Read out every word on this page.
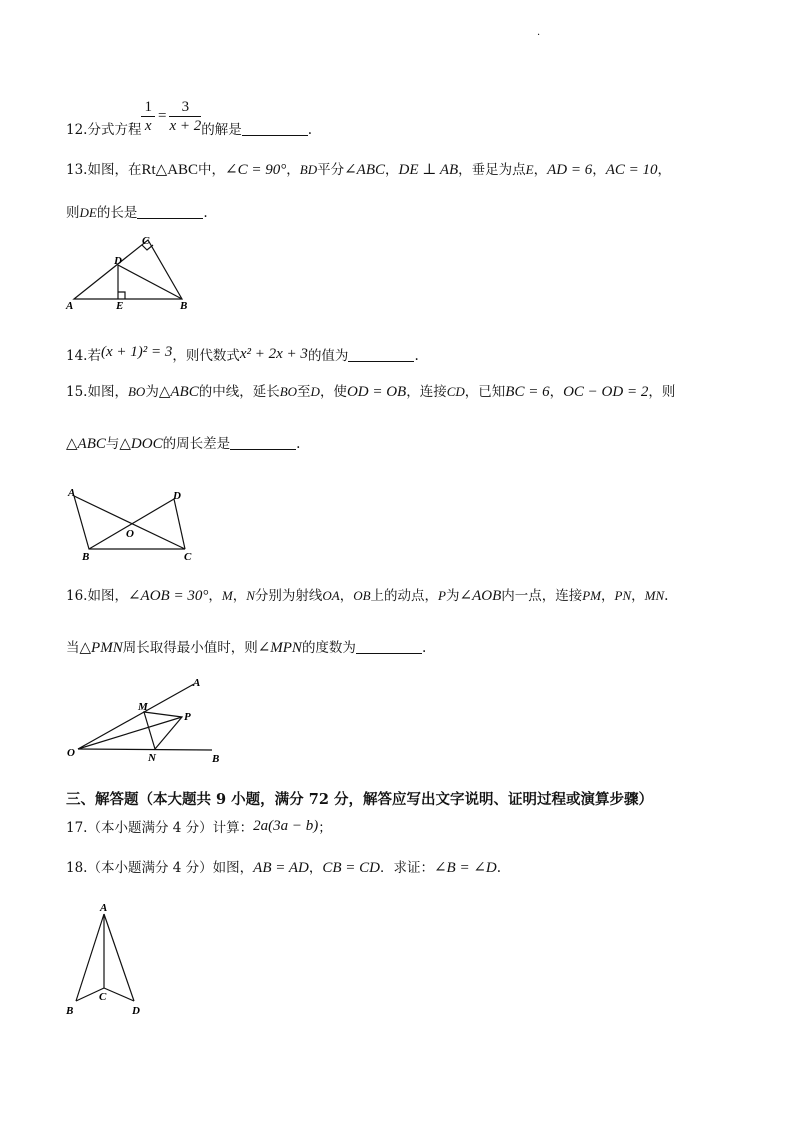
·
12.分式方程 $\frac{1}{x} = \frac{3}{x + 2}$ 的解是	.
13.如图，在Rt△ABC中，∠C = 90°，BD平分∠ABC，DE ⊥ AB，垂足为点E，AD = 6，AC = 10，
则DE的长是	.
C
D
A	E	B
14.若(x + 1)² = 3，则代数式x² + 2x + 3的值为	.
15.如图，BO为△ABC的中线，延长BO至D，使OD = OB，连接CD，已知BC = 6，OC − OD = 2，则
△ABC与△DOC的周长差是	.
A	D
O
B	C
16.如图，∠AOB = 30°，M，N分别为射线OA，OB上的动点，P为∠AOB内一点，连接PM，PN，MN.
当△PMN周长取得最小值时，则∠MPN的度数为	.
A
M
P
O	N	B
三、解答题（本大题共 9 小题，满分 72 分，解答应写出文字说明、证明过程或演算步骤）
17.（本小题满分 4 分）计算：2a(3a − b)；
18.（本小题满分 4 分）如图，AB = AD，CB = CD．求证：∠B = ∠D.
A
B
C
D
